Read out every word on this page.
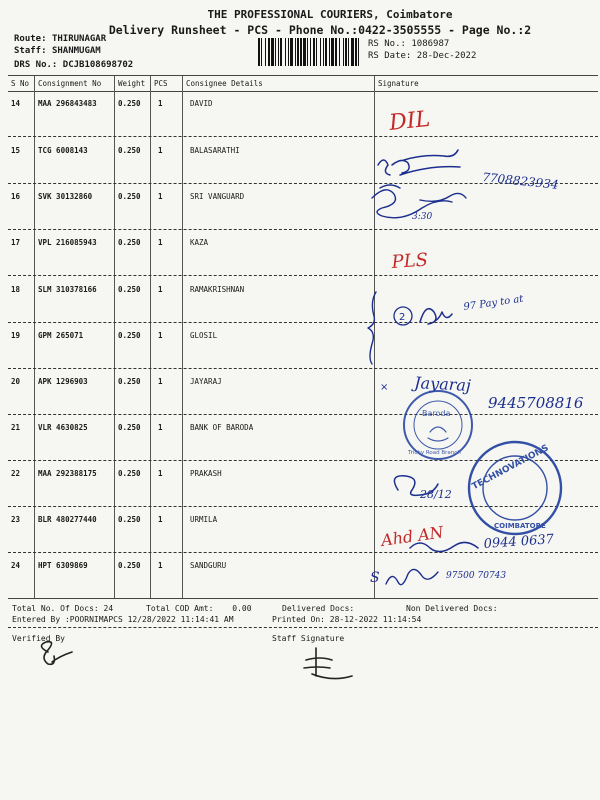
THE PROFESSIONAL COURIERS, Coimbatore
Delivery Runsheet - PCS - Phone No.:0422-3505555 - Page No.:2
Route: THIRUNAGAR
Staff: SHANMUGAM
DRS No.: DCJB108698702
RS No.: 1086987
RS Date: 28-Dec-2022
S No Consignment No Weight PCS Consignee Details	Signature
14 MAA 296843483	0.250 1	DAVID
15 TCG 6008143	0.250 1	BALASARATHI
16 SVK 30132860	0.250 1	SRI VANGUARD
17 VPL 216085943	0.250 1	KAZA
18 SLM 310378166	0.250 1	RAMAKRISHNAN
19 GPM 265071	0.250 1	GLOSIL
20 APK 1296903	0.250 1	JAYARAJ
21 VLR 4630825	0.250 1	BANK OF BARODA
22 MAA 292388175	0.250 1	PRAKASH
23 BLR 480277440	0.250 1	URMILA
24 HPT 6309869	0.250 1	SANDGURU
Total No. Of Docs: 24	Total COD Amt: 0.00	Delivered Docs:	Non Delivered Docs:
Entered By :POORNIMAPCS 12/28/2022 11:14:41 AM	Printed On: 28-12-2022 11:14:54
Verified By	Staff Signature
DIL
7708823934
3:30
PLS
2
97 Pay to at
× Jayaraj
9445708816
Baroda
Trichy Road Branch TECHNOVATIONS
COIMBATORE
28/12
Ahd AN	0944 0637
S	97500 70743
